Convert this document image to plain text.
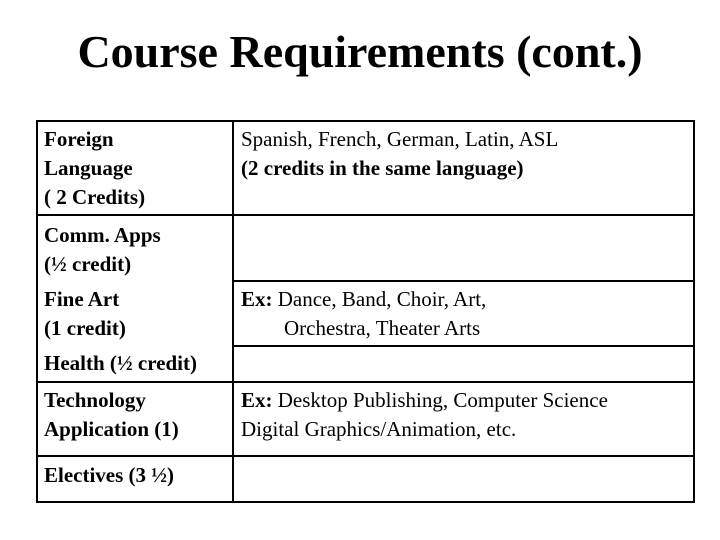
Course Requirements (cont.)
Foreign
Language
( 2 Credits)
Spanish, French, German, Latin, ASL
(2 credits in the same language)
Comm. Apps
(½ credit)
Fine Art
(1 credit)
Ex: Dance, Band, Choir, Art,
Orchestra, Theater Arts
Health (½ credit)
Technology
Application (1)
Ex: Desktop Publishing, Computer Science
Digital Graphics/Animation, etc.
Electives (3 ½)
